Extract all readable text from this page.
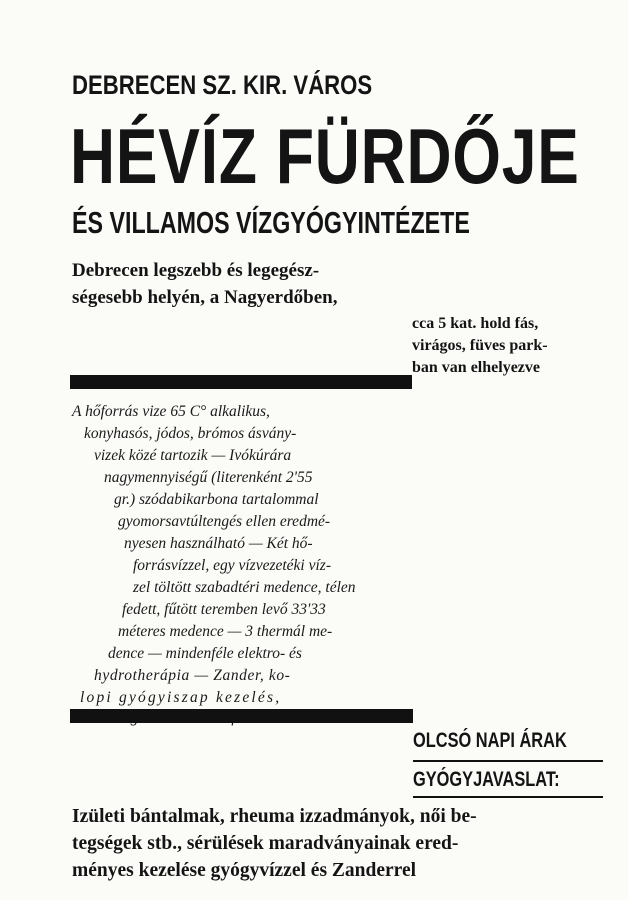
DEBRECEN SZ. KIR. VÁROS
HÉVÍZ FÜRDŐJE
ÉS VILLAMOS VÍZGYÓGYINTÉZETE
Debrecen legszebb és legegész-
ségesebb helyén, a Nagyerdőben,
cca 5 kat. hold fás,
virágos, füves park-
ban van elhelyezve
A hőforrás vize 65 C° alkalikus,
konyhasós, jódos, brómos ásvány-
vizek közé tartozik — Ivókúrára
nagymennyiségű (literenként 2'55
gr.) szódabikarbona tartalommal
gyomorsavtúltengés ellen eredmé-
nyesen használható — Két hő-
forrásvízzel, egy vízvezetéki víz-
zel töltött szabadtéri medence, télen
fedett, fűtött teremben levő 33'33
méteres medence — 3 thermál me-
dence — mindenféle elektro- és
hydrotherápia — Zander, ko-
lopi gyógyiszap kezelés,
OLCSÓ NAPI ÁRAK
GYÓGYJAVASLAT:
Izületi bántalmak, rheuma izzadmányok, női be-
tegségek stb., sérülések maradványainak ered-
ményes kezelése gyógyvízzel és Zanderrel
